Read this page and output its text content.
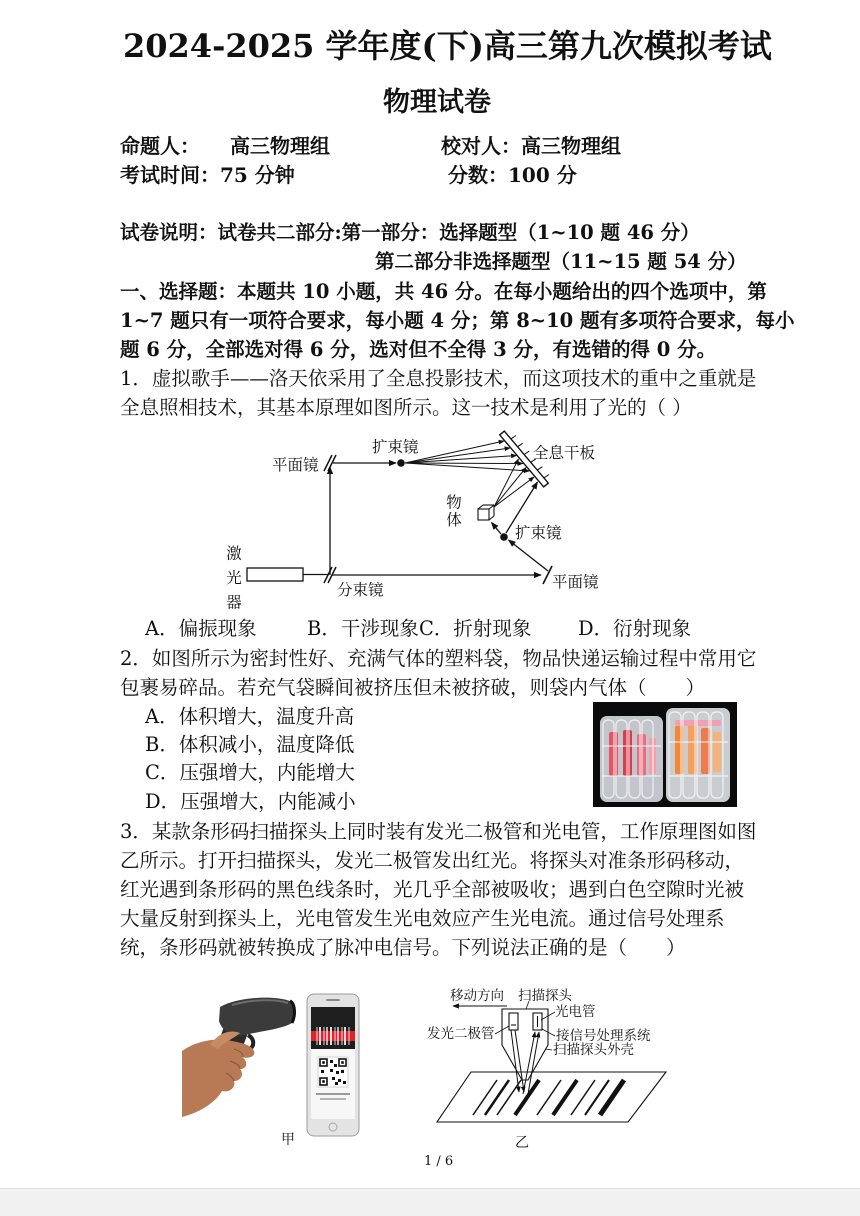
2024-2025 学年度(下)高三第九次模拟考试
物理试卷
命题人： 高三物理组	校对人：高三物理组
考试时间：75 分钟	分数：100 分
试卷说明：试卷共二部分:第一部分：选择题型（1~10 题 46 分）
第二部分非选择题型（11~15 题 54 分）
一、选择题：本题共 10 小题，共 46 分。在每小题给出的四个选项中，第
1~7 题只有一项符合要求，每小题 4 分；第 8~10 题有多项符合要求，每小
题 6 分，全部选对得 6 分，选对但不全得 3 分，有选错的得 0 分。
1．虚拟歌手——洛天依采用了全息投影技术，而这项技术的重中之重就是
全息照相技术，其基本原理如图所示。这一技术是利用了光的（ ）
扩束镜	全息干板
平面镜
物体
扩束镜
激光器	分束镜	平面镜
A．偏振现象	B．干涉现象 C．折射现象 D．衍射现象
2．如图所示为密封性好、充满气体的塑料袋，物品快递运输过程中常用它
包裹易碎品。若充气袋瞬间被挤压但未被挤破，则袋内气体（　　）
A．体积增大，温度升高
B．体积减小，温度降低
C．压强增大，内能增大
D．压强增大，内能减小
3．某款条形码扫描探头上同时装有发光二极管和光电管，工作原理图如图
乙所示。打开扫描探头，发光二极管发出红光。将探头对准条形码移动，
红光遇到条形码的黑色线条时，光几乎全部被吸收；遇到白色空隙时光被
大量反射到探头上，光电管发生光电效应产生光电流。通过信号处理系
统，条形码就被转换成了脉冲电信号。下列说法正确的是（　　）
甲
移动方向 扫描探头
光电管
发光二极管	接信号处理系统
扫描探头外壳
乙
1 / 6
